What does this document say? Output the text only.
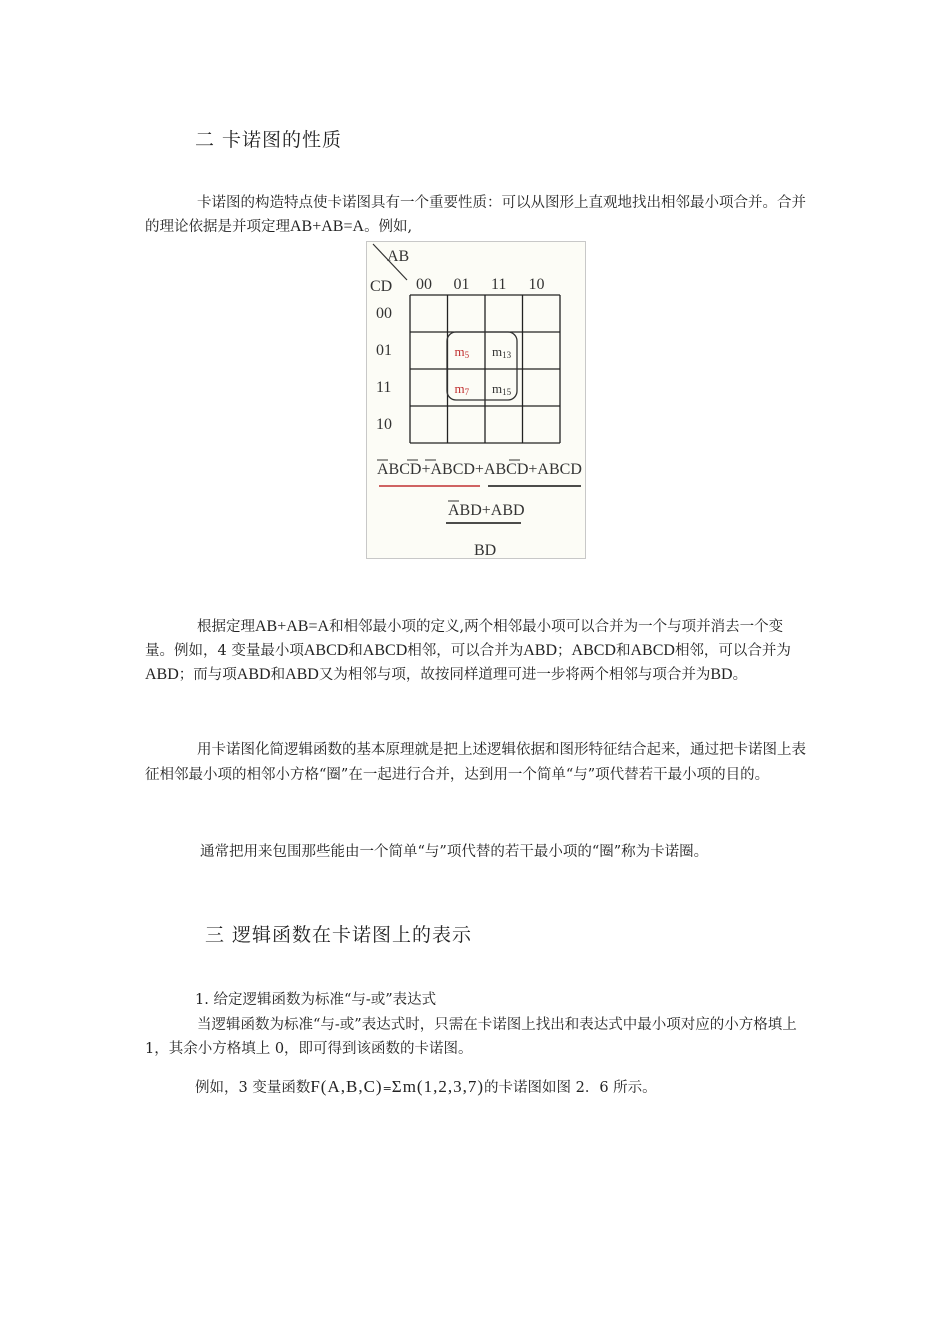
二 卡诺图的性质
卡诺图的构造特点使卡诺图具有一个重要性质：可以从图形上直观地找出相邻最小项合并。合并的理论依据是并项定理AB+AB=A。例如,
AB
CD 00 01 11 10
00
01
11
10
m5 m13
m7 m15
ABCD+ABCD+ABCD+ABCD
ABD+ABD
BD
根据定理AB+AB=A和相邻最小项的定义,两个相邻最小项可以合并为一个与项并消去一个变量。例如，4 变量最小项ABCD和ABCD相邻，可以合并为ABD；ABCD和ABCD相邻，可以合并为ABD；而与项ABD和ABD又为相邻与项，故按同样道理可进一步将两个相邻与项合并为BD。
用卡诺图化简逻辑函数的基本原理就是把上述逻辑依据和图形特征结合起来，通过把卡诺图上表征相邻最小项的相邻小方格“圈”在一起进行合并，达到用一个简单“与”项代替若干最小项的目的。
通常把用来包围那些能由一个简单“与”项代替的若干最小项的“圈”称为卡诺圈。
三 逻辑函数在卡诺图上的表示
1. 给定逻辑函数为标准“与-或”表达式
当逻辑函数为标准“与-或”表达式时，只需在卡诺图上找出和表达式中最小项对应的小方格填上 1，其余小方格填上 0，即可得到该函数的卡诺图。
例如，3 变量函数F(A,B,C)=Σm(1,2,3,7)的卡诺图如图 2．6 所示。
